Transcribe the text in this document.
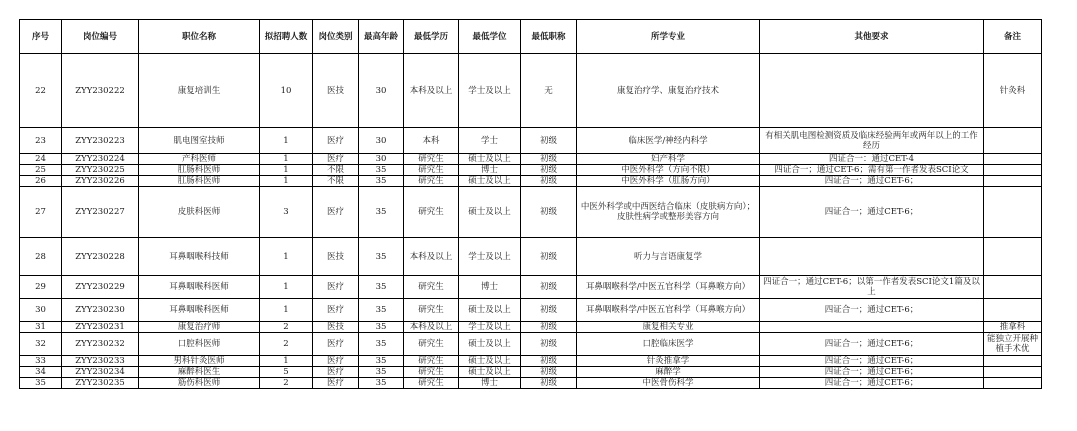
序号	岗位编号	职位名称	拟招聘人数	岗位类别	最高年龄	最低学历	最低学位	最低职称	所学专业	其他要求	备注
22	ZYY230222	康复培训生	10	医技	30	本科及以上	学士及以上	无	康复治疗学、康复治疗技术		针灸科
23	ZYY230223	肌电图室技师	1	医疗	30	本科	学士	初级	临床医学/神经内科学	有相关肌电图检测资质及临床经验两年或两年以上的工作经历	
24	ZYY230224	产科医师	1	医疗	30	研究生	硕士及以上	初级	妇产科学	四证合一：通过CET-4	
25	ZYY230225	肛肠科医师	1	不限	35	研究生	博士	初级	中医外科学（方向不限）	四证合一；通过CET-6；需有第一作者发表SCI论文	
26	ZYY230226	肛肠科医师	1	不限	35	研究生	硕士及以上	初级	中医外科学（肛肠方向）	四证合一；通过CET-6；	
27	ZYY230227	皮肤科医师	3	医疗	35	研究生	硕士及以上	初级	中医外科学或中西医结合临床（皮肤病方向）；皮肤性病学或整形美容方向	四证合一；通过CET-6；	
28	ZYY230228	耳鼻咽喉科技师	1	医技	35	本科及以上	学士及以上	初级	听力与言语康复学		
29	ZYY230229	耳鼻咽喉科医师	1	医疗	35	研究生	博士	初级	耳鼻咽喉科学/中医五官科学（耳鼻喉方向）	四证合一；通过CET-6；以第一作者发表SCI论文1篇及以上	
30	ZYY230230	耳鼻咽喉科医师	1	医疗	35	研究生	硕士及以上	初级	耳鼻咽喉科学/中医五官科学（耳鼻喉方向）	四证合一；通过CET-6；	
31	ZYY230231	康复治疗师	2	医技	35	本科及以上	学士及以上	初级	康复相关专业		推拿科
32	ZYY230232	口腔科医师	2	医疗	35	研究生	硕士及以上	初级	口腔临床医学	四证合一；通过CET-6；	能独立开展种植手术优
33	ZYY230233	男科针灸医师	1	医疗	35	研究生	硕士及以上	初级	针灸推拿学	四证合一；通过CET-6；	
34	ZYY230234	麻醉科医生	5	医疗	35	研究生	硕士及以上	初级	麻醉学	四证合一；通过CET-6；	
35	ZYY230235	筋伤科医师	2	医疗	35	研究生	博士	初级	中医骨伤科学	四证合一；通过CET-6；	
